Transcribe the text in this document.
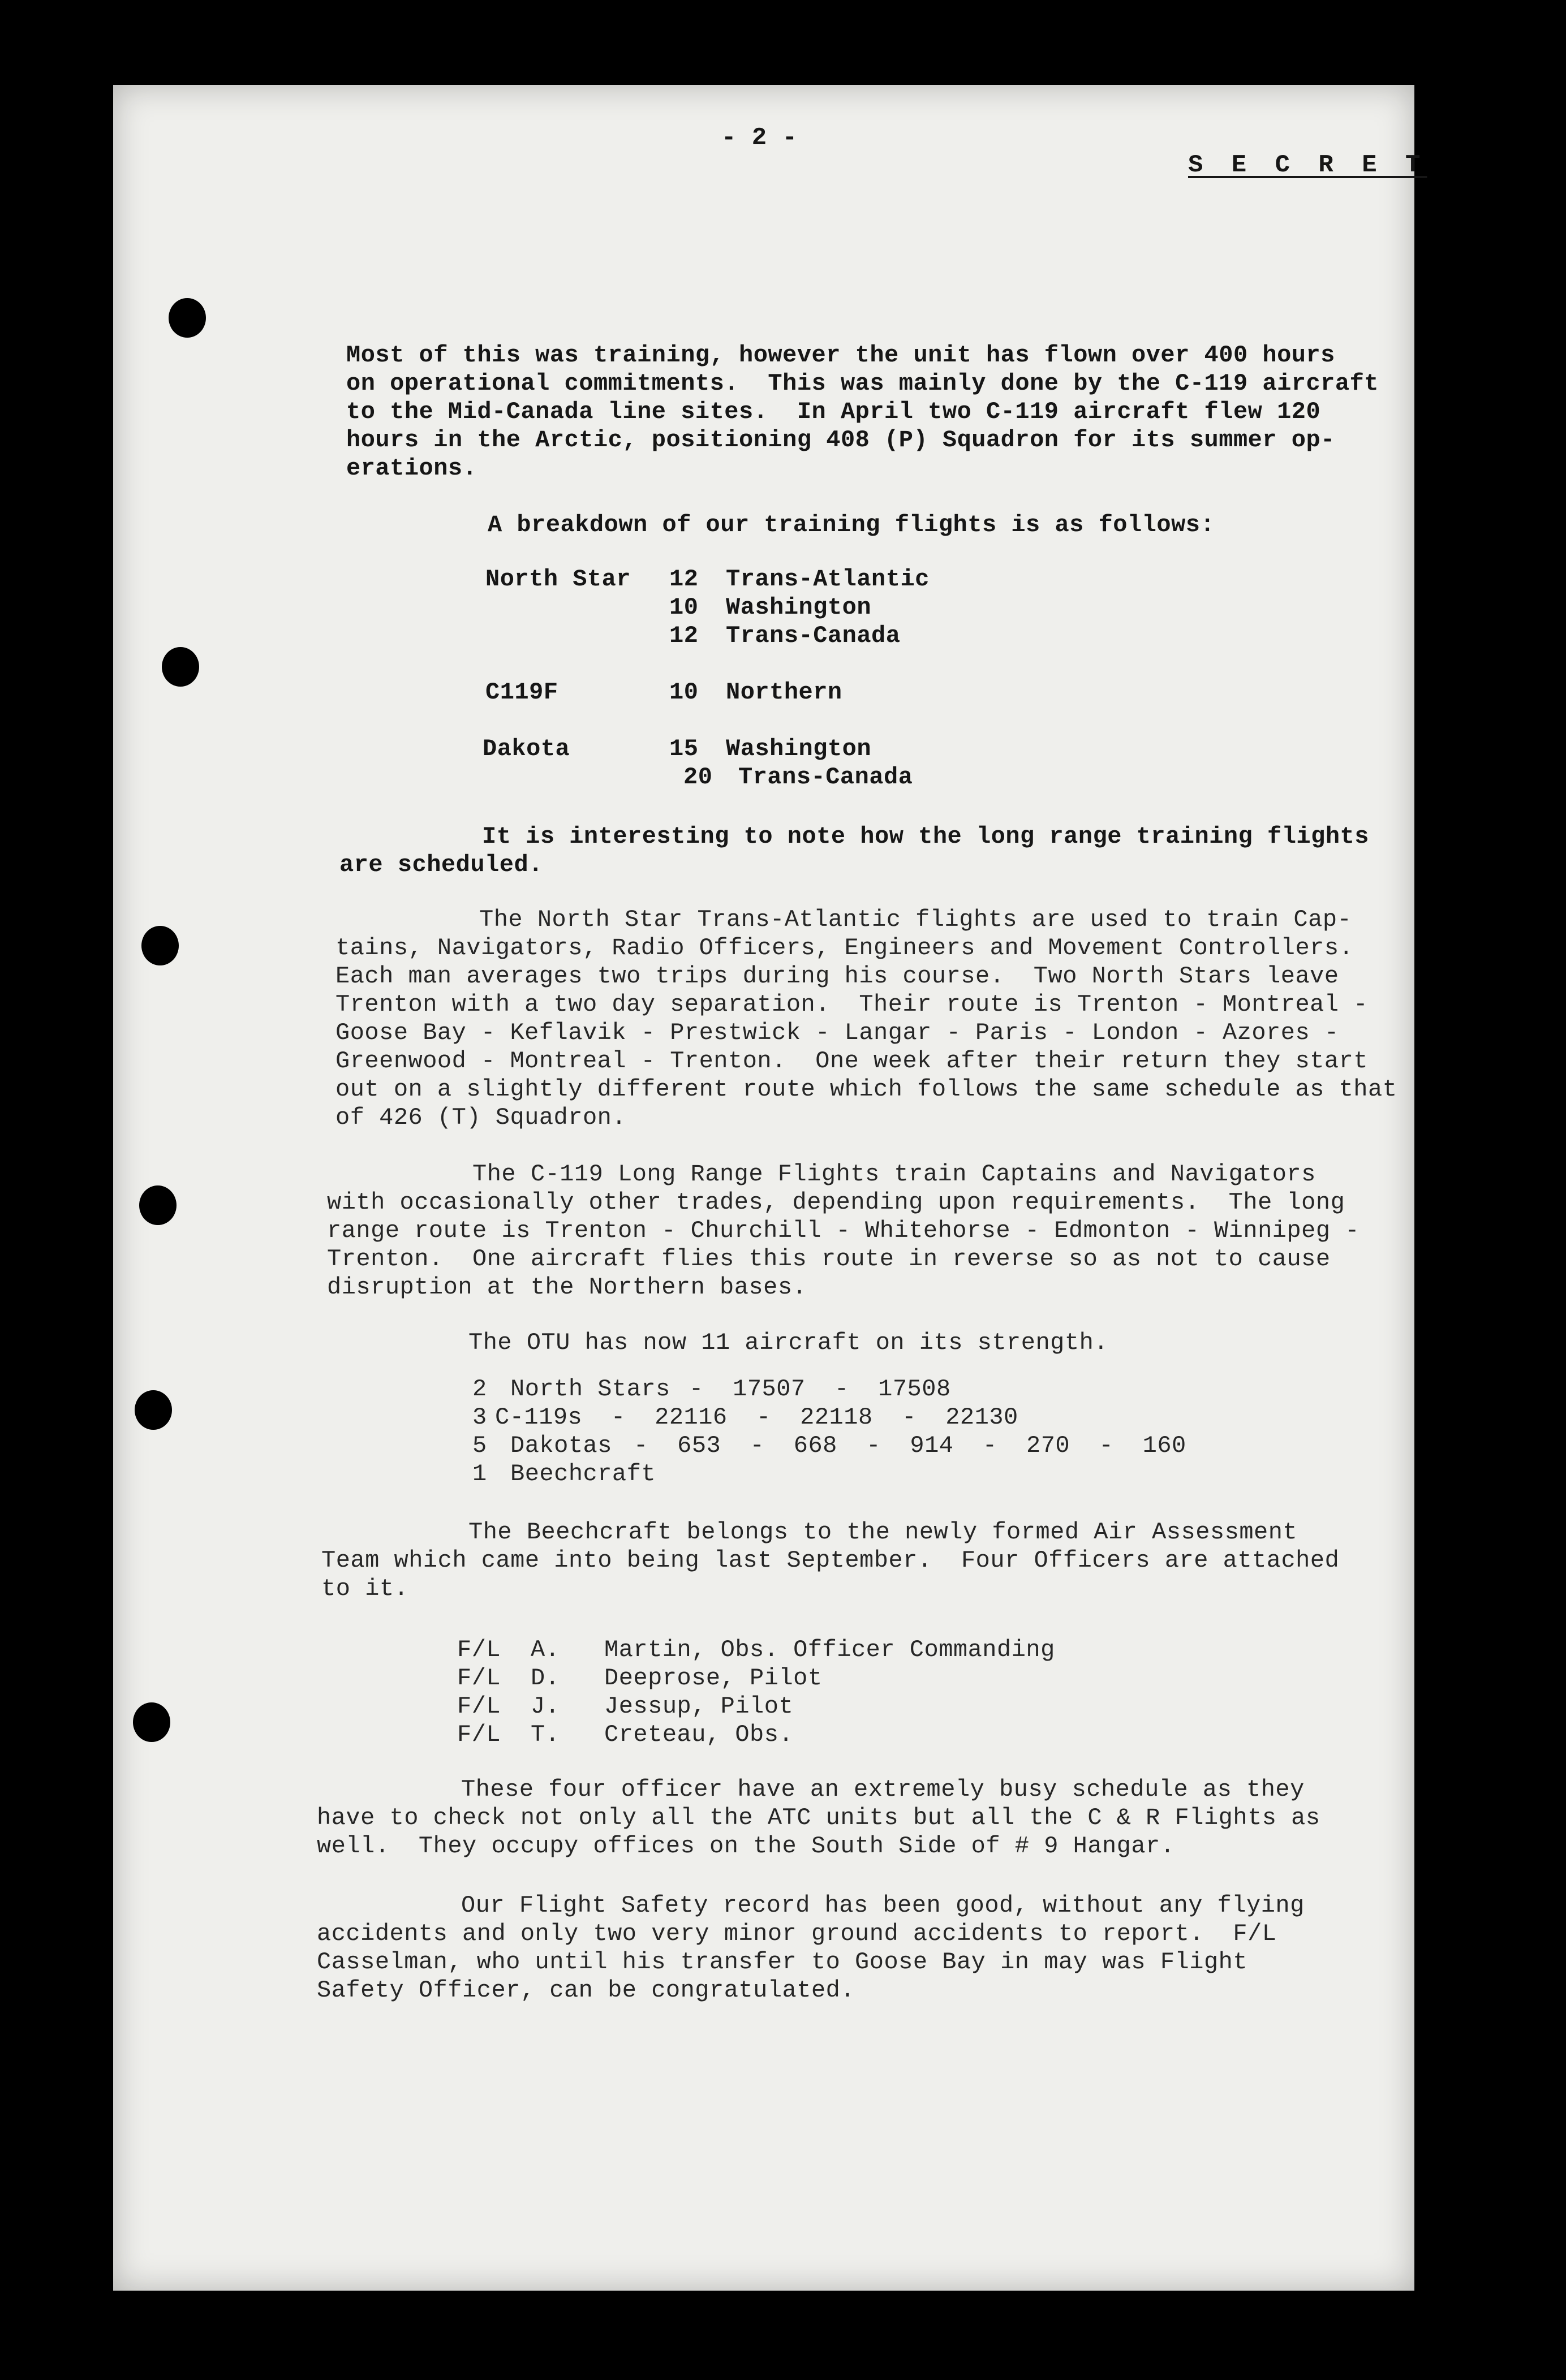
- 2 -
S E C R E T
Most of this was training, however the unit has flown over 400 hours
on operational commitments.  This was mainly done by the C-119 aircraft
to the Mid-Canada line sites.  In April two C-119 aircraft flew 120
hours in the Arctic, positioning 408 (P) Squadron for its summer op-
erations.
A breakdown of our training flights is as follows:
North Star 12 Trans-Atlantic
10 Washington
12 Trans-Canada
C119F	10 Northern
Dakota	15 Washington
20 Trans-Canada
It is interesting to note how the long range training flights
are scheduled.
The North Star Trans-Atlantic flights are used to train Cap-
tains, Navigators, Radio Officers, Engineers and Movement Controllers.
Each man averages two trips during his course.  Two North Stars leave
Trenton with a two day separation.  Their route is Trenton - Montreal -
Goose Bay - Keflavik - Prestwick - Langar - Paris - London - Azores -
Greenwood - Montreal - Trenton.  One week after their return they start
out on a slightly different route which follows the same schedule as that
of 426 (T) Squadron.
The C-119 Long Range Flights train Captains and Navigators
with occasionally other trades, depending upon requirements.  The long
range route is Trenton - Churchill - Whitehorse - Edmonton - Winnipeg -
Trenton.  One aircraft flies this route in reverse so as not to cause
disruption at the Northern bases.
The OTU has now 11 aircraft on its strength.
2 North Stars -  17507  -  17508
3 C-119s -  22116  -  22118  -  22130
5 Dakotas -  653  -  668  -  914  -  270  -  160
1 Beechcraft
The Beechcraft belongs to the newly formed Air Assessment
Team which came into being last September.  Four Officers are attached
to it.
F/L A. Martin, Obs. Officer Commanding
F/L D. Deeprose, Pilot
F/L J. Jessup, Pilot
F/L T. Creteau, Obs.
These four officer have an extremely busy schedule as they
have to check not only all the ATC units but all the C & R Flights as
well.  They occupy offices on the South Side of # 9 Hangar.
Our Flight Safety record has been good, without any flying
accidents and only two very minor ground accidents to report.  F/L
Casselman, who until his transfer to Goose Bay in may was Flight
Safety Officer, can be congratulated.
